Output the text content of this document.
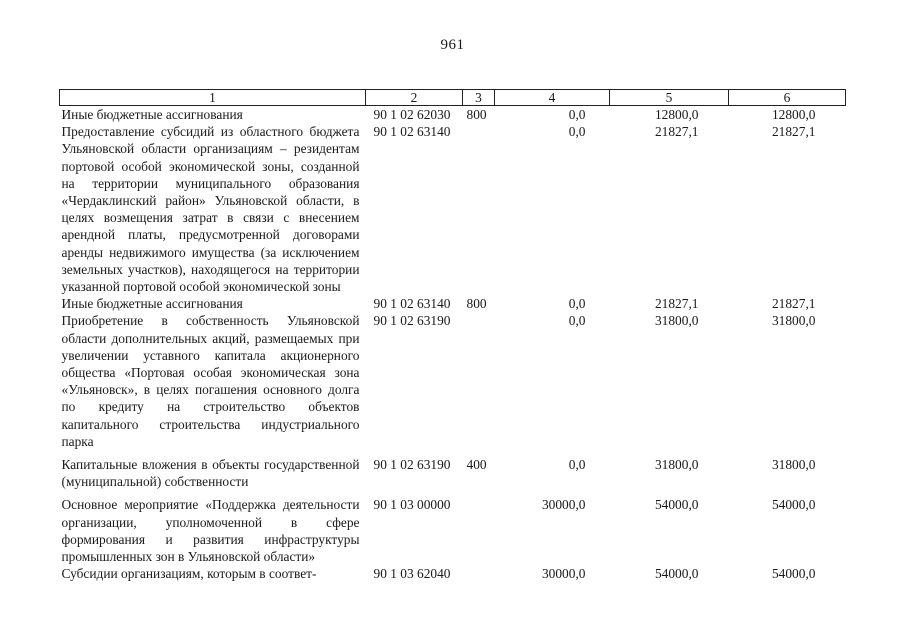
961
1	2	3	4	5	6
Иные бюджетные ассигнования	90 1 02 62030	800	0,0	12800,0	12800,0
Предоставление субсидий из областного бюджета Ульяновской области организациям – резидентам портовой особой экономической зоны, созданной на территории муниципального образования «Чердаклинский район» Ульяновской области, в целях возмещения затрат в связи с внесением арендной платы, предусмотренной договорами аренды недвижимого имущества (за исключением земельных участков), находящегося на территории указанной портовой особой экономической зоны	90 1 02 63140		0,0	21827,1	21827,1
Иные бюджетные ассигнования	90 1 02 63140	800	0,0	21827,1	21827,1
Приобретение в собственность Ульяновской области дополнительных акций, размещаемых при увеличении уставного капитала акционерного общества «Портовая особая экономическая зона «Ульяновск», в целях погашения основного долга по кредиту на строительство объектов капитального строительства индустриального парка	90 1 02 63190		0,0	31800,0	31800,0
Капитальные вложения в объекты государственной (муниципальной) собственности	90 1 02 63190	400	0,0	31800,0	31800,0
Основное мероприятие «Поддержка деятельности организации, уполномоченной в сфере формирования и развития инфраструктуры промышленных зон в Ульяновской области»	90 1 03 00000		30000,0	54000,0	54000,0
Субсидии организациям, которым в соответ-	90 1 03 62040		30000,0	54000,0	54000,0
